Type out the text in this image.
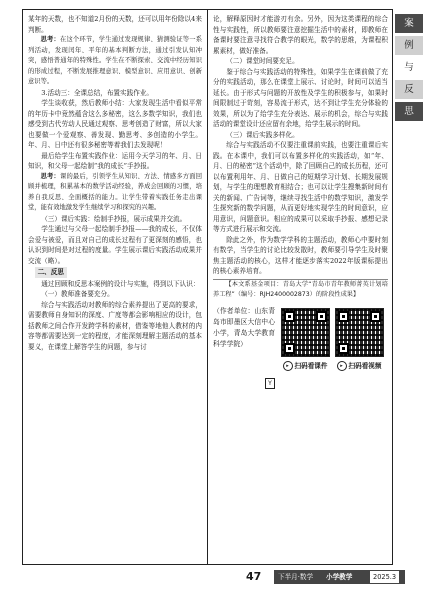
某年的天数，也不知道2月份的天数，还可以用年份除以4来判断。

思考：在这个环节，学生通过发现规律、猜测验证等一系列活动，发现闰年、平年的基本判断方法，通过引发认知冲突，感悟普通年的特殊性。学生在不断探索、交流中经历知识的形成过程，不断发展推理意识、模型意识、应用意识、创新意识等。

3.活动三：全课总结，布置实践作业。

学生谈收获，然后教师小结：大家发现生活中看似平常的年历卡中竟然蕴含这么多秘密，这么多数学知识，我们也感受到古代劳动人民通过观察、思考创造了财富，所以大家也要做一个爱观察、善发现、勤思考、多创造的小学生。年、月、日中还有很多秘密等着我们去发现呢！

最后给学生布置实践作业：运用今天学习的年、月、日知识，和父母一起绘制“我的成长”手抄报。

思考：课的最后，引领学生从知识、方法、情感多方面回顾并梳理，积累基本的数学活动经验，养成会回顾的习惯，培养自我反思、全面概括的能力。让学生带着实践任务走出课堂，能有效地激发学生继续学习和探究的兴趣。

（三）课后实践：绘制手抄报，展示成果并交流。

学生通过与父母一起绘制手抄报——我的成长，不仅体会爱与被爱，而且对自己的成长过程有了更深刻的感悟，也认识到时间是对过程的度量。学生展示课后实践活动成果并交流（略）。

二、反思

通过回顾和反思本案例的设计与实施，得到以下认识：

（一）教师准备要充分。

综合与实践活动对教师的综合素养提出了更高的要求，需要教师自身知识的深度、广度等都会影响相应的设计，包括教师之间合作开发跨学科的素材，借鉴等地他人教材的内容等都需要达到一定的程度，才能深刻理解主题活动的基本要义，在课堂上解答学生的问题，参与讨

论，解释原因时才能游刃有余。另外，因为这类课程的综合性与实践性，所以教师要注意挖掘生活中的素材，即教师在备课时要注意寻找符合教学的眼光，数学的思维，为课程积累素材，做好准备。

（二）课堂时间要充足。

鉴于综合与实践活动的特殊性，如果学生在课前做了充分的实践活动，那么在课堂上展示、讨论时，时间可以适当延长。由于形式与问题的开放性及学生的积极参与，如果时间限制过于苛刻，容易流于形式，达不到让学生充分体验的效果，所以为了给学生充分表达、展示的机会，综合与实践活动的课堂设计还应留有余地，给学生展示的时间。

（三）课后实践多样化。

综合与实践活动不仅要注重课前实践，也要注重课后实践。在本课中，我们可以布置多样化的实践活动，如“年、月、日的秘密”这个活动中，除了回顾自己的成长历程，还可以布置利用年、月、日做自己的短期学习计划、长期发展规划，与学生的理想教育相结合；也可以让学生搜集新时间有关的新闻、广告词等，继续寻找生活中的数学知识，激发学生探究新的数学问题，从而更好地实现学生的时间意识，应用意识，问题意识。相应的成果可以采取手抄报、感想记录等方式进行展示和交流。

除此之外，作为数学学科的主题活动，教师心中要时刻有数学，当学生的讨论比较发散时，教师要引导学生及时聚焦主题活动的核心，这样才能逐步落实2022年版课标提出的核心素养培育。

【本文系基金项目：青岛大学“青岛市青年教师菁英计划培养工程”（编号：RJH2400002873）的阶段性成果】

（作者单位：山东青岛市即墨区大信中心小学，青岛大学教育科学学院）
Y
▸ 扫码看课件	▸ 扫码看视频
案
例
与
反
思
47	下半月·数学 小学教学	2025.3
